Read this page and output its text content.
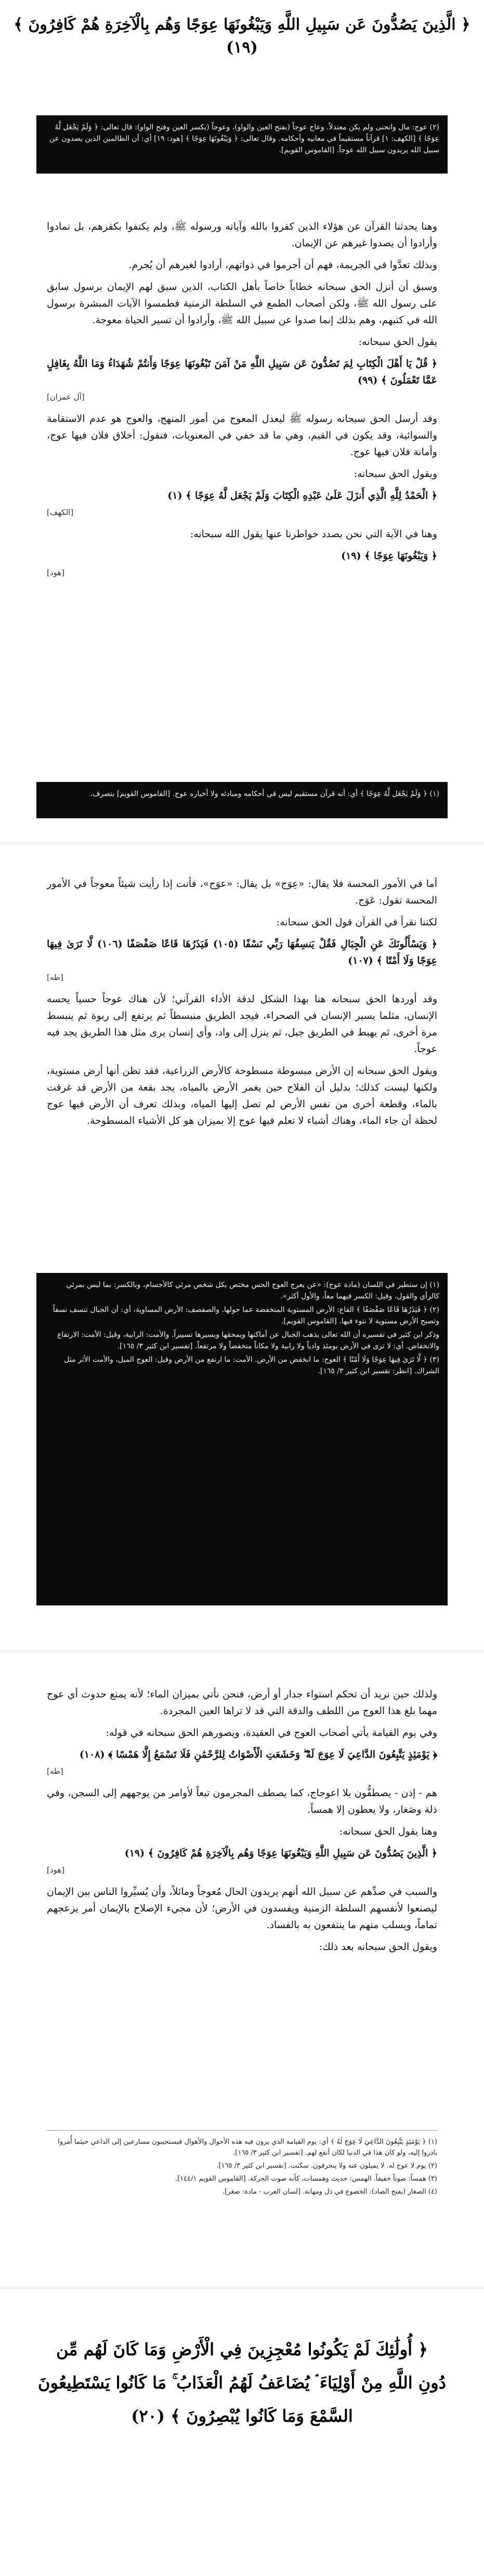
﴿ الَّذِينَ يَصُدُّونَ عَن سَبِيلِ اللَّهِ وَيَبْغُونَهَا عِوَجًا وَهُم بِالْآخِرَةِ هُمْ كَافِرُونَ ﴾ (١٩)

(٢) عوج: مال وانحنى ولم يكن معتدلاً. وعاج عوجاً (بفتح العين والواو)، وعوجاً (بكسر العين وفتح الواو): قال تعالى: ﴿ وَلَمْ يَجْعَل لَّهُ عِوَجًا ﴾ [الكهف: ١] قرآناً مستقيماً في معانيه وأحكامه. وقال تعالى: ﴿ وَيَبْغُونَهَا عِوَجًا ﴾ [هود: ١٩] أي: أن الظالمين الذين يصدون عن سبيل الله يريدون سبيل الله عوجاً. [القاموس القويم].

وهنا يحدثنا القرآن عن هؤلاء الذين كفروا بالله وآياته ورسوله ﷺ، ولم يكتفوا بكفرهم، بل تمادوا وأرادوا أن يصدوا غيرهم عن الإيمان.

وبذلك تعدَّوا في الجريمة، فهم أن أجرموا في ذواتهم، أرادوا لغيرهم أن يُجرم.

وسبق أن أنزل الحق سبحانه خطاباً خاصاً بأهل الكتاب، الذين سبق لهم الإيمان برسول سابق على رسول الله ﷺ، ولكن أصحاب الطمع في السلطة الزمنية فطمسوا الآيات المبشرة برسول الله في كتبهم، وهم بذلك إنما صدوا عن سبيل الله ﷺ، وأرادوا أن تسير الحياة معوجة.

يقول الحق سبحانه:

﴿ قُلْ يَا أَهْلَ الْكِتَابِ لِمَ تَصُدُّونَ عَن سَبِيلِ اللَّهِ مَنْ آمَنَ تَبْغُونَهَا عِوَجًا وَأَنتُمْ شُهَدَاءُ وَمَا اللَّهُ بِغَافِلٍ عَمَّا تَعْمَلُونَ ﴾ (٩٩)

[آل عمران]

وقد أرسل الحق سبحانه رسوله ﷺ ليعدل المعوج من أمور المنهج، والعوج هو عدم الاستقامة والسوائية، وقد يكون في القيم، وهي ما قد خفي في المعنويات، فنقول: أخلاق فلان فيها عوج، وأمانة فلان فيها عوج.

ويقول الحق سبحانه:

﴿ الْحَمْدُ لِلَّهِ الَّذِي أَنزَلَ عَلَىٰ عَبْدِهِ الْكِتَابَ وَلَمْ يَجْعَل لَّهُ عِوَجًا ﴾ (١)

[الكهف]

وهنا في الآية التي نحن بصدد خواطرنا عنها يقول الله سبحانه:

﴿ وَيَبْغُونَهَا عِوَجًا ﴾ (١٩)

[هود]

(١) ﴿ وَلَمْ يَجْعَل لَّهُ عِوَجًا ﴾ أي: أنه قرآن مستقيم ليس في أحكامه ومبادئه ولا أخباره عوج. [القاموس القويم] بتصرف.

أما في الأمور المحسة فلا يقال: «عِوَج» بل يقال: «عوَج»، فأنت إذا رأيت شيئاً معوجاً في الأمور المحسة تقول: عَوَج.

لكننا نقرأ في القرآن قول الحق سبحانه:

﴿ وَيَسْأَلُونَكَ عَنِ الْجِبَالِ فَقُلْ يَنسِفُهَا رَبِّي نَسْفًا (١٠٥) فَيَذَرُهَا قَاعًا صَفْصَفًا (١٠٦) لَّا تَرَىٰ فِيهَا عِوَجًا وَلَا أَمْتًا ﴾ (١٠٧)

[طه]

وقد أوردها الحق سبحانه هنا بهذا الشكل لدقة الأداء القرآني؛ لأن هناك عوجاً حسياً يحسه الإنسان، مثلما يسير الإنسان في الصحراء، فيجد الطريق منبسطاً ثم يرتفع إلى ربوة ثم ينبسط مرة أخرى، ثم يهبط في الطريق جبل، ثم ينزل إلى واد، وأي إنسان يرى مثل هذا الطريق يجد فيه عوجاً.

ويقول الحق سبحانه إن الأرض مبسوطة مسطوحة كالأرض الزراعية، فقد تظن أنها أرض مستوية، ولكنها ليست كذلك؛ بدليل أن الفلاح حين يغمر الأرض بالمياه، يجد بقعة من الأرض قد غرقت بالماء، وقطعة أخرى من نفس الأرض لم تصل إليها المياه، وبذلك تعرف أن الأرض فيها عوج لحظة أن جاء الماء، وهناك أشياء لا تعلم فيها عوج إلا بميزان هو كل الأشياء المسطوحة.

(١) إن ستطير في اللسان (مادة عوج): «عن يعرج العوج الحس مختص بكل شخص مرئي كالأجسام، وبالكسر: بما ليس بمرئي كالرأي والقول، وقيل: الكسر فيهما معاً، والأول أكثر».

(٢) ﴿ فَيَذَرُهَا قَاعًا صَفْصَفًا ﴾ القاع: الأرض المستوية المنخفضة عما حولها. والصفصف: الأرض المساوية، أي: أن الجبال تنسف نسفاً وتصبح الأرض مستوية لا نتوء فيها. [القاموس القويم].

وذكر ابن كثير في تفسيره أن الله تعالى يذهب الجبال عن أماكنها ويمحقها ويسيرها تسييراً. والأمت: الرابية، وقيل: الأمت: الارتفاع والانخفاض. أي: لا ترى في الأرض يومئذ وادياً ولا رابية ولا مكاناً منخفضاً ولا مرتفعاً. [تفسير ابن كثير ٣/ ١٦٥].

(٣) ﴿ لَّا تَرَىٰ فِيهَا عِوَجًا وَلَا أَمْتًا ﴾ العوج: ما انخفض من الأرض. الأمت: ما ارتفع من الأرض وقيل: العوج الميل، والأمت الأثر مثل الشراك. [انظر: تفسير ابن كثير ٣/ ١٦٥].

ولذلك حين نريد أن تحكم استواء جدار أو أرض، فنحن نأتي بميزان الماء؛ لأنه يمنع حدوث أي عوج مهما بلغ هذا العوج من اللطف والدقة التي قد لا تراها العين المجردة.

وفي يوم القيامة يأتي أصحاب العوج في العقيدة، ويصورهم الحق سبحانه في قوله:

﴿ يَوْمَئِذٍ يَتَّبِعُونَ الدَّاعِيَ لَا عِوَجَ لَهُ ۖ وَخَشَعَتِ الْأَصْوَاتُ لِلرَّحْمَٰنِ فَلَا تَسْمَعُ إِلَّا هَمْسًا ﴾ (١٠٨)

[طه]

هم - إذن - يصطفُّون بلا اعوجاج، كما يصطف المجرمون تبعاً لأوامر من يوجههم إلى السجن، وفي ذلة وصَغار، ولا يعطون إلا همساً.

وهنا يقول الحق سبحانه:

﴿ الَّذِينَ يَصُدُّونَ عَن سَبِيلِ اللَّهِ وَيَبْغُونَهَا عِوَجًا وَهُم بِالْآخِرَةِ هُمْ كَافِرُونَ ﴾ (١٩)

[هود]

والسبب في صدِّهم عن سبيل الله أنهم يريدون الحال مُعوجاً ومائلاً، وأن يُسيِّروا الناس بين الإيمان ليصنعوا لأنفسهم السلطة الزمنية ويفسدون في الأرض؛ لأن مجيء الإصلاح بالإيمان أمر يزعجهم تماماً، ويسلب منهم ما ينتفعون به بالفساد.

ويقول الحق سبحانه بعد ذلك:

(١) ﴿ يَوْمَئِذٍ يَتَّبِعُونَ الدَّاعِيَ لَا عِوَجَ لَهُ ﴾ أي: يوم القيامة الذي يرون فيه هذه الأحوال والأهوال فيستجيبون مسارعين إلى الداعي حيثما أُمروا بادروا إليه، ولو كان هذا في الدنيا لكان أنفع لهم. [تفسير ابن كثير ٣/ ١٦٥].

(٢) يوم لا عوج له. لا يميلون عنه ولا ينحرفون. سكنت. [تفسير ابن كثير ٣/ ١٦٥].

(٣) همساً: صوتاً خفيفاً. الهمس: حديث وهمسات، كأنه صوت الحركة. [القاموس القويم ١٤٤/١].

(٤) الصغار (بفتح الصاد): الخضوع في ذل ومهانة. [لسان العرب - مادة: صغر].

﴿ أُولَٰئِكَ لَمْ يَكُونُوا مُعْجِزِينَ فِي الْأَرْضِ وَمَا كَانَ لَهُم مِّن
دُونِ اللَّهِ مِنْ أَوْلِيَاءَ ۘ يُضَاعَفُ لَهُمُ الْعَذَابُ ۚ مَا كَانُوا يَسْتَطِيعُونَ
السَّمْعَ وَمَا كَانُوا يُبْصِرُونَ ﴾ (٢٠)
